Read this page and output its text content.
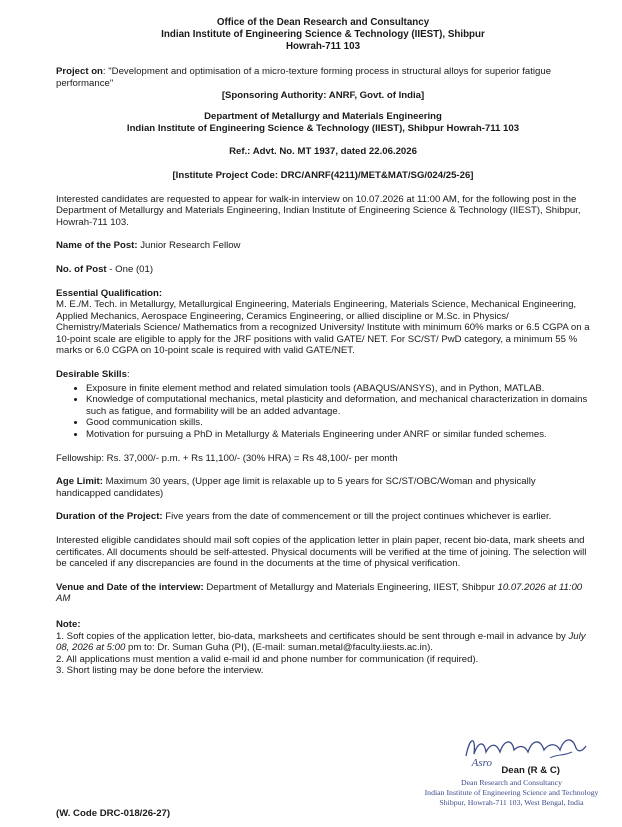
Office of the Dean Research and Consultancy
Indian Institute of Engineering Science & Technology (IIEST), Shibpur
Howrah-711 103

Project on: "Development and optimisation of a micro-texture forming process in structural alloys for superior fatigue performance"

[Sponsoring Authority: ANRF, Govt. of India]

Department of Metallurgy and Materials Engineering
Indian Institute of Engineering Science & Technology (IIEST), Shibpur Howrah-711 103

Ref.: Advt. No. MT 1937, dated 22.06.2026

[Institute Project Code: DRC/ANRF(4211)/MET&MAT/SG/024/25-26]

Interested candidates are requested to appear for walk-in interview on 10.07.2026 at 11:00 AM, for the following post in the Department of Metallurgy and Materials Engineering, Indian Institute of Engineering Science & Technology (IIEST), Shibpur, Howrah-711 103.

Name of the Post: Junior Research Fellow

No. of Post - One (01)

Essential Qualification:

M. E./M. Tech. in Metallurgy, Metallurgical Engineering, Materials Engineering, Materials Science, Mechanical Engineering, Applied Mechanics, Aerospace Engineering, Ceramics Engineering, or allied discipline or M.Sc. in Physics/ Chemistry/Materials Science/ Mathematics from a recognized University/ Institute with minimum 60% marks or 6.5 CGPA on a 10-point scale are eligible to apply for the JRF positions with valid GATE/ NET. For SC/ST/ PwD category, a minimum 55 % marks or 6.0 CGPA on 10-point scale is required with valid GATE/NET.

Desirable Skills:

• Exposure in finite element method and related simulation tools (ABAQUS/ANSYS), and in Python, MATLAB.
• Knowledge of computational mechanics, metal plasticity and deformation, and mechanical characterization in domains such as fatigue, and formability will be an added advantage.
• Good communication skills.
• Motivation for pursuing a PhD in Metallurgy & Materials Engineering under ANRF or similar funded schemes.

Fellowship: Rs. 37,000/- p.m. + Rs 11,100/- (30% HRA) = Rs 48,100/- per month

Age Limit: Maximum 30 years, (Upper age limit is relaxable up to 5 years for SC/ST/OBC/Woman and physically handicapped candidates)

Duration of the Project: Five years from the date of commencement or till the project continues whichever is earlier.

Interested eligible candidates should mail soft copies of the application letter in plain paper, recent bio-data, mark sheets and certificates. All documents should be self-attested. Physical documents will be verified at the time of joining. The selection will be canceled if any discrepancies are found in the documents at the time of physical verification.

Venue and Date of the interview: Department of Metallurgy and Materials Engineering, IIEST, Shibpur 10.07.2026 at 11:00 AM

Note:

1. Soft copies of the application letter, bio-data, marksheets and certificates should be sent through e-mail in advance by July 08, 2026 at 5:00 pm to: Dr. Suman Guha (PI), (E-mail: suman.metal@faculty.iiests.ac.in).

2. All applications must mention a valid e-mail id and phone number for communication (if required).

3. Short listing may be done before the interview.

Asro
Dean (R & C)
Dean Research and Consultancy
Indian Institute of Engineering Science and Technology
Shibpur, Howrah-711 103, West Bengal, India
(W. Code DRC-018/26-27)
